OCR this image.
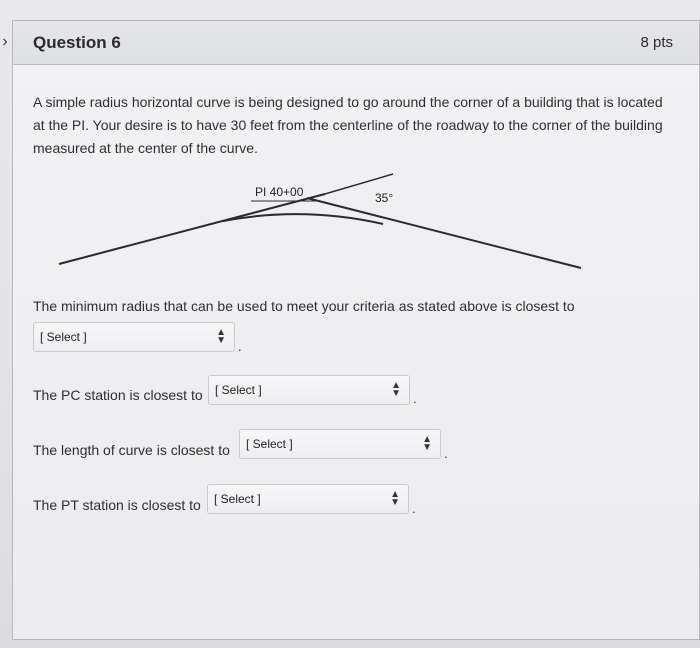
› Question 6	8 pts
A simple radius horizontal curve is being designed to go around the corner of a building that is located at the PI. Your desire is to have 30 feet from the centerline of the roadway to the corner of the building measured at the center of the curve.
PI 40+00	35°
The minimum radius that can be used to meet your criteria as stated above is closest to
[ Select ]	▲
▼ .
The PC station is closest to [ Select ]	▲
▼ .
The length of curve is closest to [ Select ]	▲
▼ .
The PT station is closest to [ Select ]	▲
▼ .
